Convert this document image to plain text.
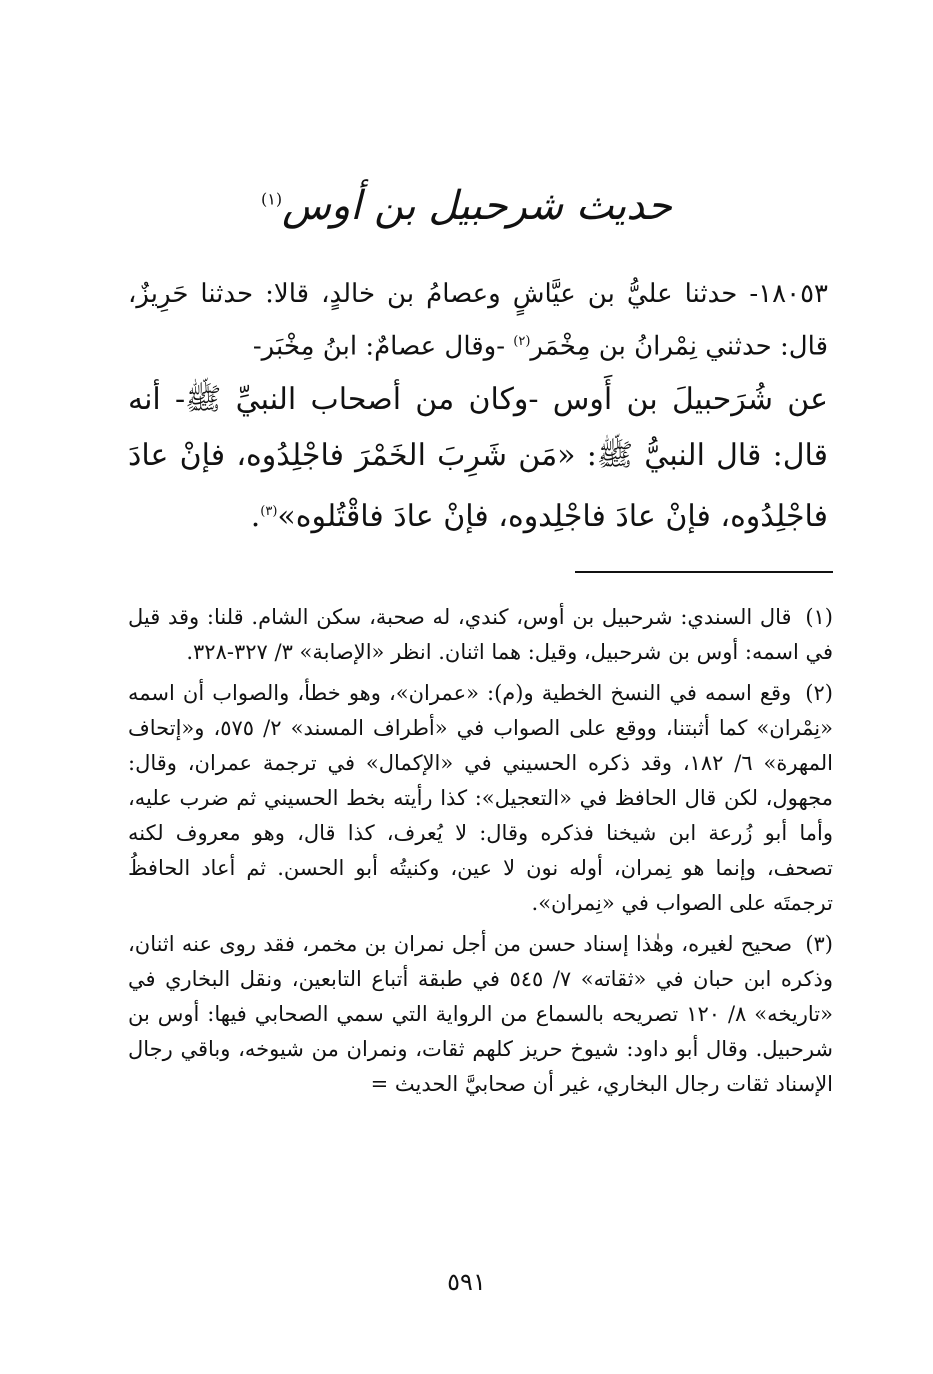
حديث شرحبيل بن أوس$^{(١)}$
١٨٠٥٣- حدثنا عليُّ بن عيَّاشٍ وعصامُ بن خالدٍ، قالا: حدثنا حَرِيزٌ، قال: حدثني نِمْرانُ بن مِخْمَر$^{(٢)}$ -وقال عصامٌ: ابنُ مِخْبَر-
عن شُرَحبيلَ بن أَوس -وكان من أصحاب النبيِّ ﷺ- أنه قال: قال النبيُّ ﷺ: «مَن شَرِبَ الخَمْرَ فاجْلِدُوه، فإنْ عادَ فاجْلِدُوه، فإنْ عادَ فاجْلِدوه، فإنْ عادَ فاقْتُلوه»$^{(٣)}$.

(١) قال السندي: شرحبيل بن أوس، كندي، له صحبة، سكن الشام. قلنا: وقد قيل في اسمه: أوس بن شرحبيل، وقيل: هما اثنان. انظر «الإصابة» ٣/ ٣٢٧-٣٢٨.

(٢) وقع اسمه في النسخ الخطية و(م): «عمران»، وهو خطأ، والصواب أن اسمه «نِمْران» كما أثبتنا، ووقع على الصواب في «أطراف المسند» ٢/ ٥٧٥، و«إتحاف المهرة» ٦/ ١٨٢، وقد ذكره الحسيني في «الإكمال» في ترجمة عمران، وقال: مجهول، لكن قال الحافظ في «التعجيل»: كذا رأيته بخط الحسيني ثم ضرب عليه، وأما أبو زُرعة ابن شيخنا فذكره وقال: لا يُعرف، كذا قال، وهو معروف لكنه تصحف، وإنما هو نِمران، أوله نون لا عين، وكنيتُه أبو الحسن. ثم أعاد الحافظُ ترجمتَه على الصواب في «نِمران».

(٣) صحيح لغيره، وهٰذا إسناد حسن من أجل نمران بن مخمر، فقد روى عنه اثنان، وذكره ابن حبان في «ثقاته» ٧/ ٥٤٥ في طبقة أتباع التابعين، ونقل البخاري في «تاريخه» ٨/ ١٢٠ تصريحه بالسماع من الرواية التي سمي الصحابي فيها: أوس بن شرحبيل. وقال أبو داود: شيوخ حريز كلهم ثقات، ونمران من شيوخه، وباقي رجال الإسناد ثقات رجال البخاري، غير أن صحابيَّ الحديث =

٥٩١
